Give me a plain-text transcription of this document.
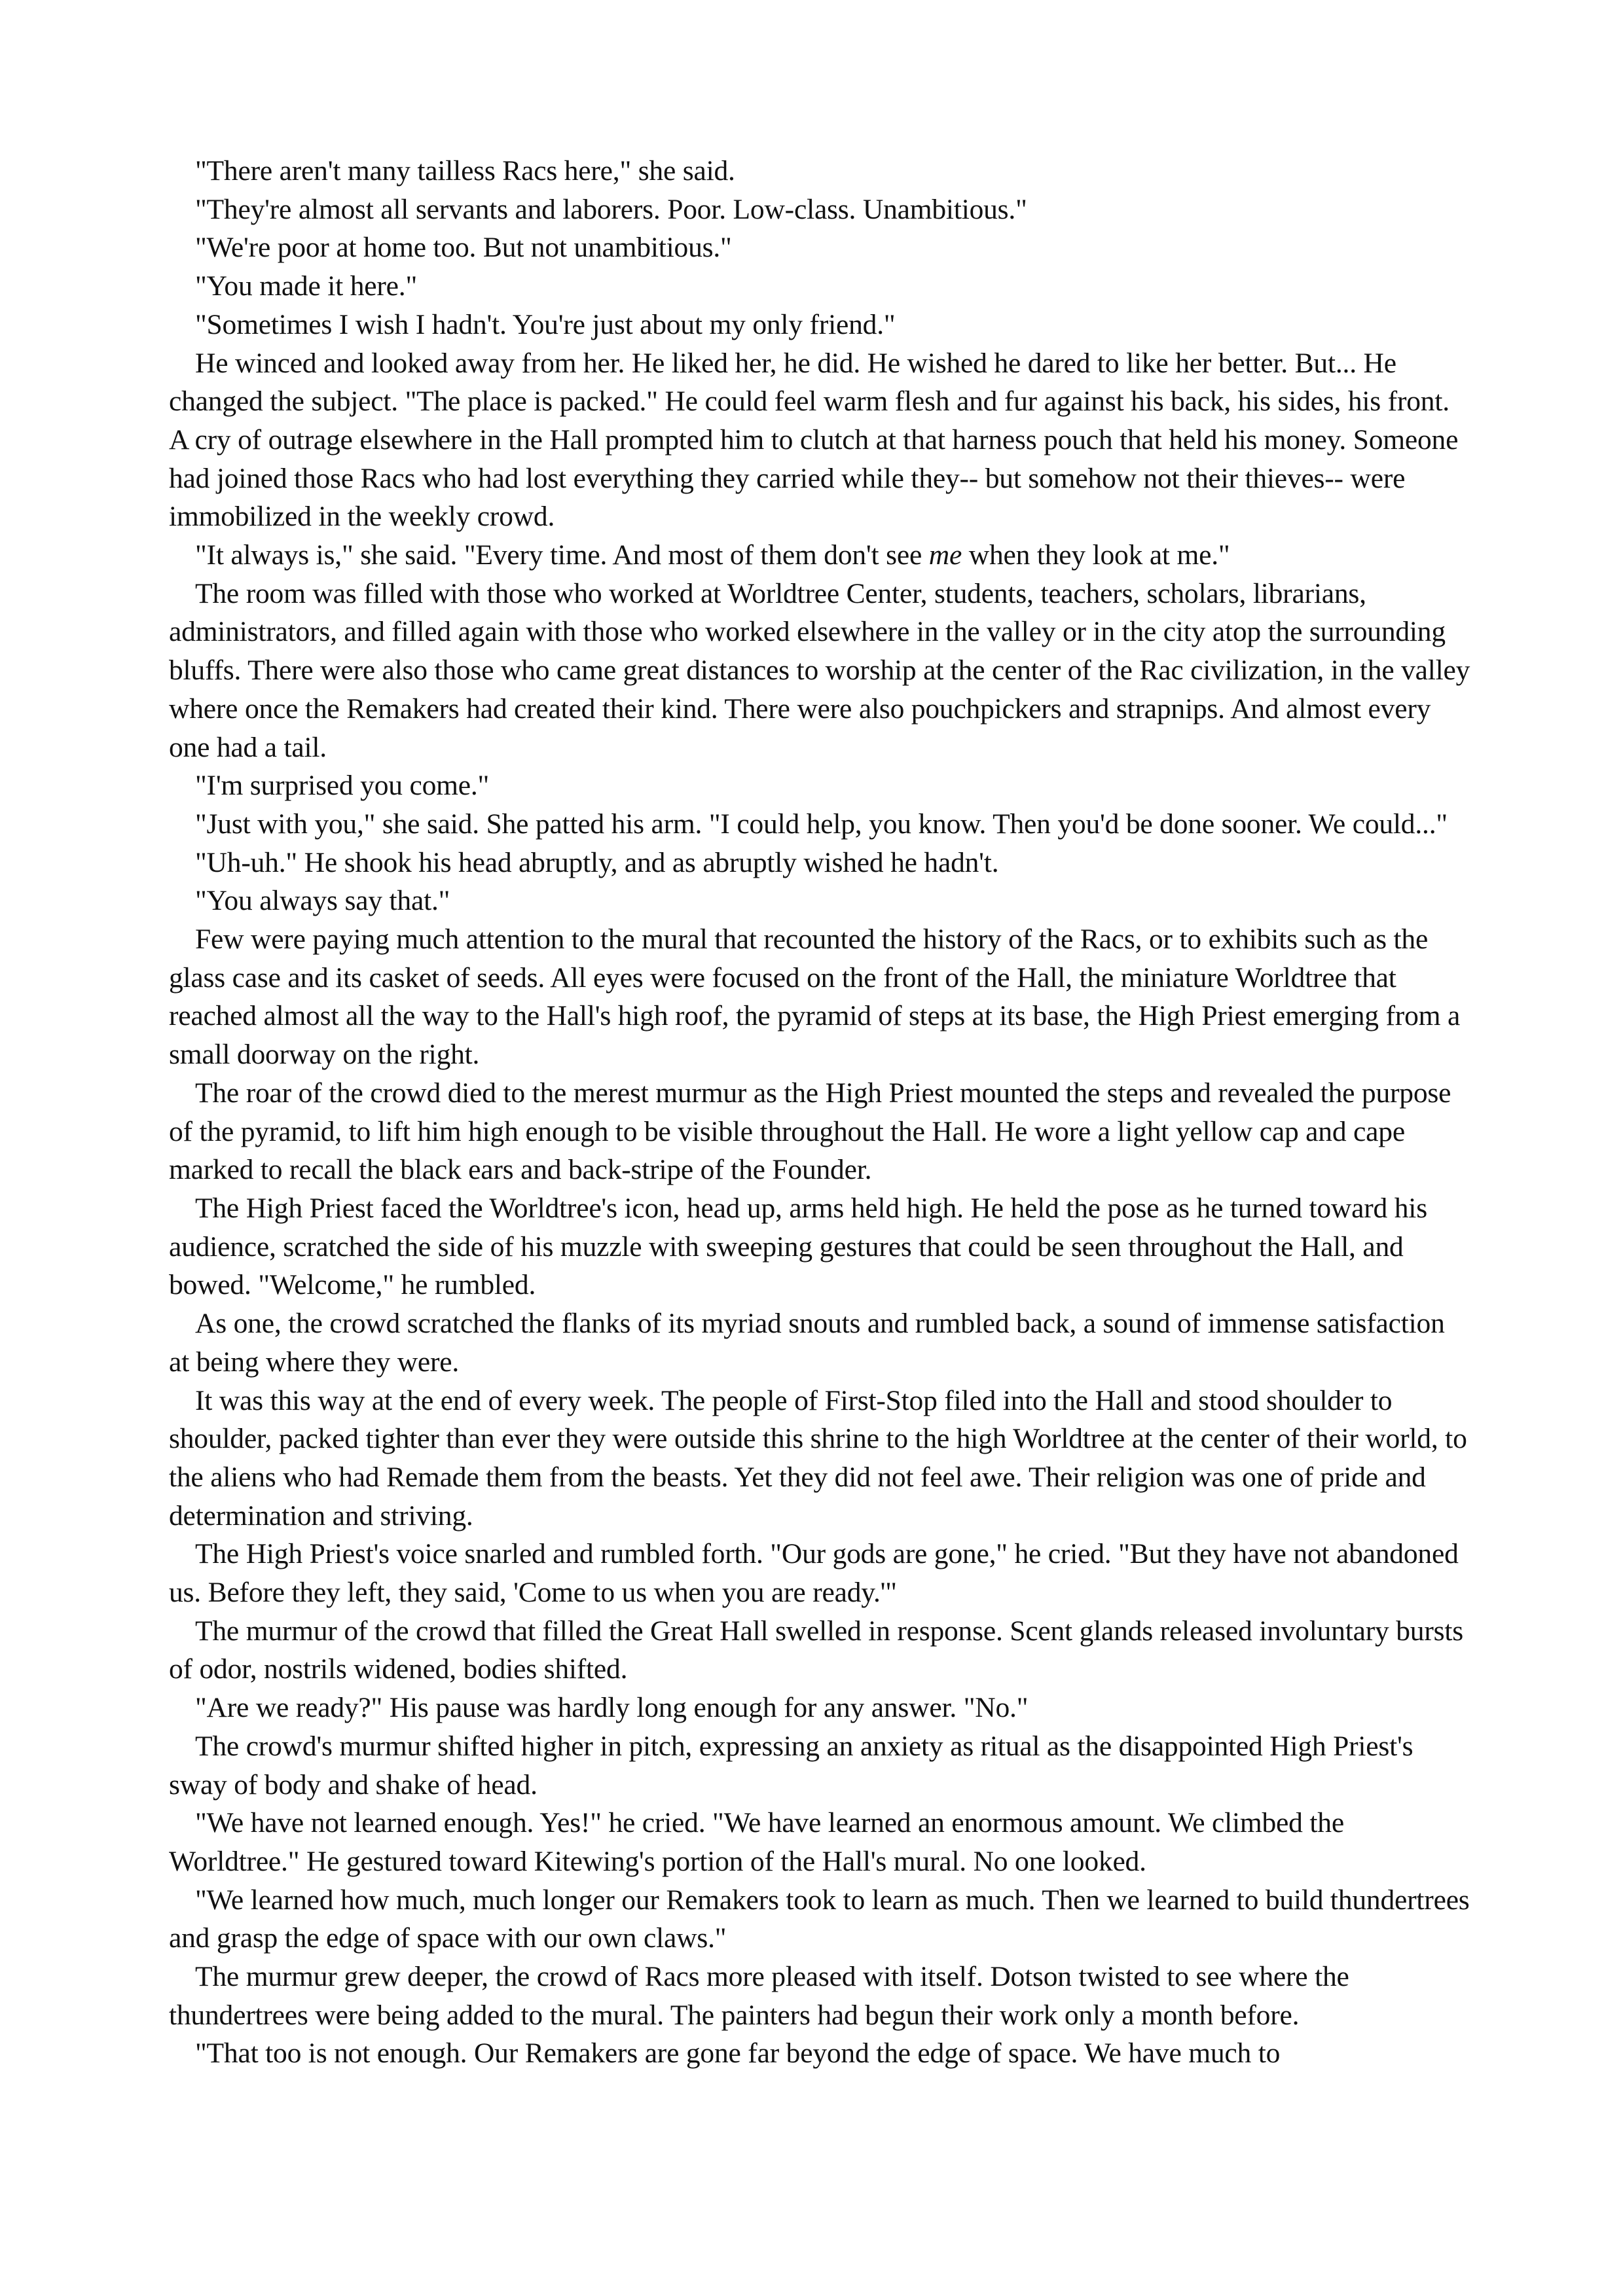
"There aren't many tailless Racs here," she said.

"They're almost all servants and laborers. Poor. Low-class. Unambitious."

"We're poor at home too. But not unambitious."

"You made it here."

"Sometimes I wish I hadn't. You're just about my only friend."

He winced and looked away from her. He liked her, he did. He wished he dared to like her better. But... He changed the subject. "The place is packed." He could feel warm flesh and fur against his back, his sides, his front. A cry of outrage elsewhere in the Hall prompted him to clutch at that harness pouch that held his money. Someone had joined those Racs who had lost everything they carried while they-- but somehow not their thieves-- were immobilized in the weekly crowd.

"It always is," she said. "Every time. And most of them don't see me when they look at me."

The room was filled with those who worked at Worldtree Center, students, teachers, scholars, librarians, administrators, and filled again with those who worked elsewhere in the valley or in the city atop the surrounding bluffs. There were also those who came great distances to worship at the center of the Rac civilization, in the valley where once the Remakers had created their kind. There were also pouchpickers and strapnips. And almost every one had a tail.

"I'm surprised you come."

"Just with you," she said. She patted his arm. "I could help, you know. Then you'd be done sooner. We could..."

"Uh-uh." He shook his head abruptly, and as abruptly wished he hadn't.

"You always say that."

Few were paying much attention to the mural that recounted the history of the Racs, or to exhibits such as the glass case and its casket of seeds. All eyes were focused on the front of the Hall, the miniature Worldtree that reached almost all the way to the Hall's high roof, the pyramid of steps at its base, the High Priest emerging from a small doorway on the right.

The roar of the crowd died to the merest murmur as the High Priest mounted the steps and revealed the purpose of the pyramid, to lift him high enough to be visible throughout the Hall. He wore a light yellow cap and cape marked to recall the black ears and back-stripe of the Founder.

The High Priest faced the Worldtree's icon, head up, arms held high. He held the pose as he turned toward his audience, scratched the side of his muzzle with sweeping gestures that could be seen throughout the Hall, and bowed. "Welcome," he rumbled.

As one, the crowd scratched the flanks of its myriad snouts and rumbled back, a sound of immense satisfaction at being where they were.

It was this way at the end of every week. The people of First-Stop filed into the Hall and stood shoulder to shoulder, packed tighter than ever they were outside this shrine to the high Worldtree at the center of their world, to the aliens who had Remade them from the beasts. Yet they did not feel awe. Their religion was one of pride and determination and striving.

The High Priest's voice snarled and rumbled forth. "Our gods are gone," he cried. "But they have not abandoned us. Before they left, they said, 'Come to us when you are ready.'"

The murmur of the crowd that filled the Great Hall swelled in response. Scent glands released involuntary bursts of odor, nostrils widened, bodies shifted.

"Are we ready?" His pause was hardly long enough for any answer. "No."

The crowd's murmur shifted higher in pitch, expressing an anxiety as ritual as the disappointed High Priest's sway of body and shake of head.

"We have not learned enough. Yes!" he cried. "We have learned an enormous amount. We climbed the Worldtree." He gestured toward Kitewing's portion of the Hall's mural. No one looked.

"We learned how much, much longer our Remakers took to learn as much. Then we learned to build thundertrees and grasp the edge of space with our own claws."

The murmur grew deeper, the crowd of Racs more pleased with itself. Dotson twisted to see where the thundertrees were being added to the mural. The painters had begun their work only a month before.

"That too is not enough. Our Remakers are gone far beyond the edge of space. We have much to
